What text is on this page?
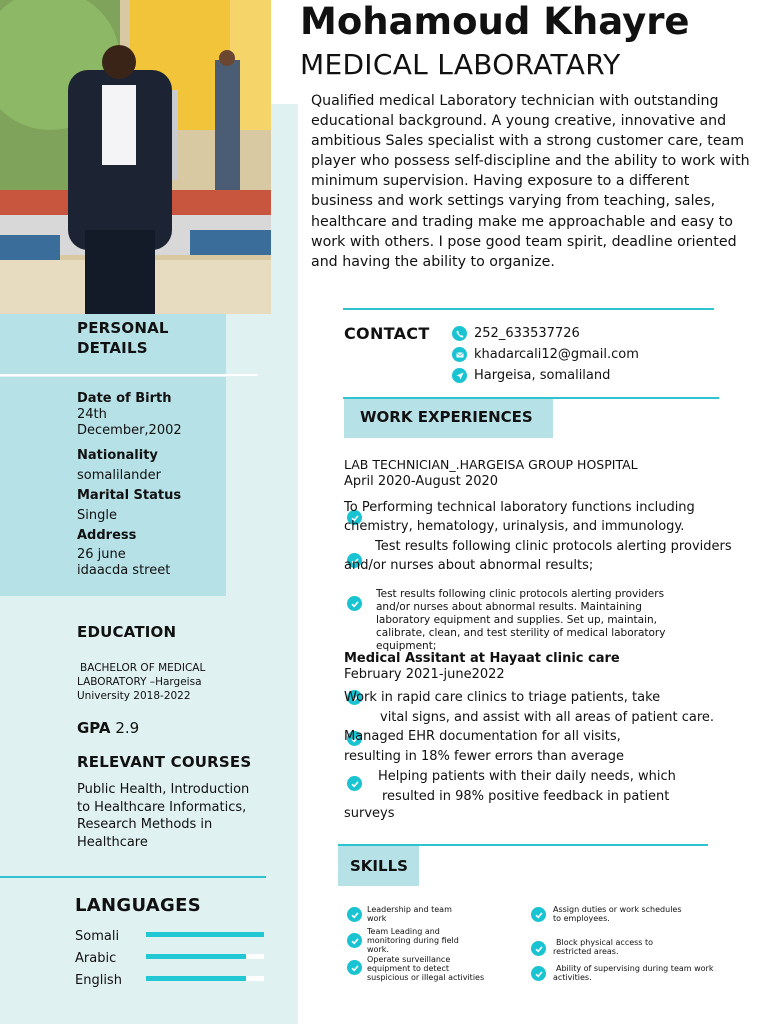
Mohamoud Khayre
MEDICAL LABORATARY
Qualified medical Laboratory technician with outstanding educational background. A young creative, innovative and ambitious Sales specialist with a strong customer care, team player who possess self-discipline and the ability to work with minimum supervision. Having exposure to a different business and work settings varying from teaching, sales, healthcare and trading make me approachable and easy to work with others. I pose good team spirit, deadline oriented and having the ability to organize.
PERSONAL
DETAILS
Date of Birth
24th
December,2002
Nationality
somalilander
Marital Status
Single
Address
26 june
idaacda street
EDUCATION
BACHELOR OF MEDICAL
LABORATORY –Hargeisa
University 2018-2022
GPA 2.9
RELEVANT COURSES
Public Health, Introduction
to Healthcare Informatics,
Research Methods in
Healthcare
LANGUAGES
Somali
Arabic
English
CONTACT	252_633537726
khadarcali12@gmail.com
Hargeisa, somaliland
WORK EXPERIENCES
LAB TECHNICIAN_.HARGEISA GROUP HOSPITAL
April 2020-August 2020
To Performing technical laboratory functions including
chemistry, hematology, urinalysis, and immunology.
Test results following clinic protocols alerting providers
and/or nurses about abnormal results;
Test results following clinic protocols alerting providers
and/or nurses about abnormal results. Maintaining
laboratory equipment and supplies. Set up, maintain,
calibrate, clean, and test sterility of medical laboratory
equipment;
Medical Assitant at Hayaat clinic care
February 2021-june2022
Work in rapid care clinics to triage patients, take
vital signs, and assist with all areas of patient care.
Managed EHR documentation for all visits,
resulting in 18% fewer errors than average
Helping patients with their daily needs, which
resulted in 98% positive feedback in patient
surveys
SKILLS
Leadership and team
work
Team Leading and
monitoring during field
work.
Operate surveillance
equipment to detect
suspicious or illegal activities
Assign duties or work schedules
to employees.
Block physical access to
restricted areas.
Ability of supervising during team work
activities.
